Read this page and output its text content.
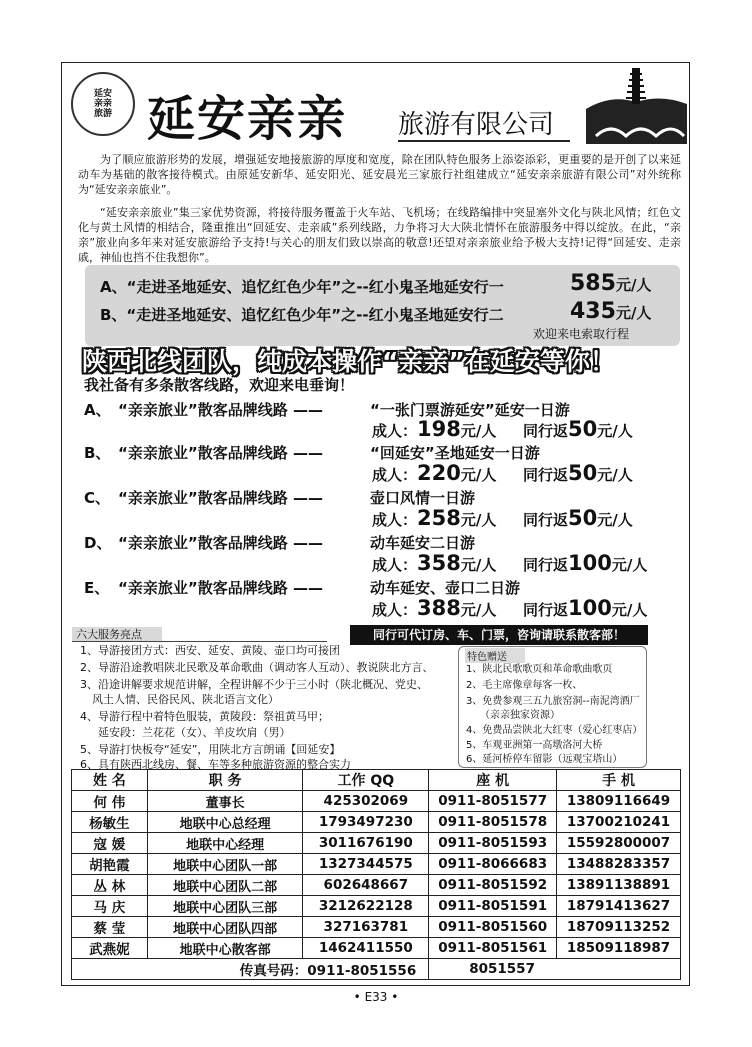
延安
亲亲
旅游 延安亲亲 旅游有限公司

为了顺应旅游形势的发展，增强延安地接旅游的厚度和宽度，除在团队特色服务上添姿添彩，更重要的是开创了以来延动车为基础的散客接待模式。由原延安新华、延安阳光、延安晨光三家旅行社组建成立“延安亲亲旅游有限公司”对外统称为“延安亲亲旅业”。

“延安亲亲旅业”集三家优势资源，将接待服务覆盖于火车站、飞机场；在线路编排中突显塞外文化与陕北风情；红色文化与黄土风情的相结合，隆重推出“回延安、走亲戚”系列线路，力争将习大大陕北情怀在旅游服务中得以绽放。在此，“亲亲”旅业向多年来对延安旅游给予支持!与关心的朋友们致以崇高的敬意!还望对亲亲旅业给予极大支持!记得“回延安、走亲戚，神仙也挡不住我想你”。

A、“走进圣地延安、追忆红色少年”之--红小鬼圣地延安行一	585元/人
B、“走进圣地延安、追忆红色少年”之--红小鬼圣地延安行二	435元/人
欢迎来电索取行程
陕西北线团队，纯成本操作“亲亲”在延安等你！
我社备有多条散客线路，欢迎来电垂询！
A、 “亲亲旅业”散客品牌线路 ——	“一张门票游延安”延安一日游
成人：198元/人 同行返50元/人
B、 “亲亲旅业”散客品牌线路 ——	“回延安”圣地延安一日游
成人：220元/人 同行返50元/人
C、 “亲亲旅业”散客品牌线路 ——	壶口风情一日游
成人：258元/人 同行返50元/人
D、 “亲亲旅业”散客品牌线路 ——	动车延安二日游
成人：358元/人 同行返100元/人
E、 “亲亲旅业”散客品牌线路 ——	动车延安、壶口二日游
成人：388元/人 同行返100元/人
六大服务亮点	同行可代订房、车、门票，咨询请联系散客部！
1、导游接团方式：西安、延安、黄陵、壶口均可接团
2、导游沿途教唱陕北民歌及革命歌曲（调动客人互动）、教说陕北方言、
3、沿途讲解要求规范讲解，全程讲解不少于三小时（陕北概况、党史、
风土人情、民俗民风、陕北语言文化）
4、导游行程中着特色服装，黄陵段：祭祖黄马甲；
延安段：兰花花（女）、羊皮坎肩（男）
5、导游打快板夸“延安”，用陕北方言朗诵【回延安】
6、具有陕西北线房、餐、车等多种旅游资源的整合实力
特色赠送
1、陕北民歌歌页和革命歌曲歌页
2、毛主席像章每客一枚、
3、免费参观三五九旅窑洞--南泥湾酒厂
（亲亲独家资源）
4、免费品尝陕北大红枣（爱心红枣店）
5、车观亚洲第一高墩洛河大桥
6、延河桥停车留影（远观宝塔山）
姓 名	职 务	工作 QQ	座 机	手 机
何 伟	董事长	425302069	0911-8051577	13809116649
杨敏生	地联中心总经理	1793497230	0911-8051578	13700210241
寇 媛	地联中心经理	3011676190	0911-8051593	15592800007
胡艳霞	地联中心团队一部	1327344575	0911-8066683	13488283357
丛 林	地联中心团队二部	602648667	0911-8051592	13891138891
马 庆	地联中心团队三部	3212622128	0911-8051591	18791413627
蔡 莹	地联中心团队四部	327163781	0911-8051560	18709113252
武燕妮	地联中心散客部	1462411550	0911-8051561	18509118987
传真号码：0911-8051556			8051557	
• E33 •
